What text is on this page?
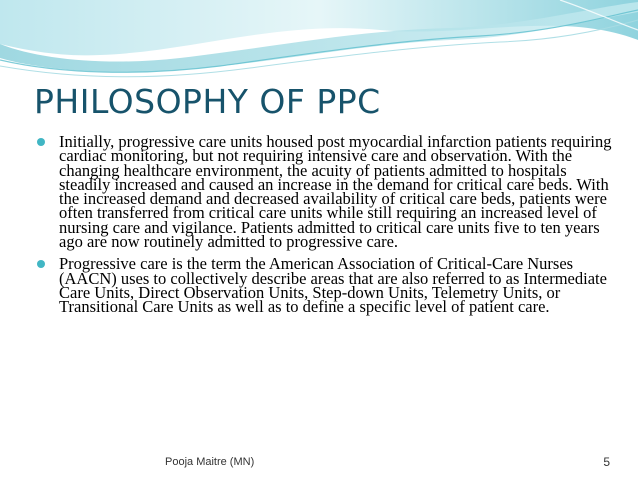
PHILOSOPHY OF PPC
Initially, progressive care units housed post myocardial infarction patients requiring cardiac monitoring, but not requiring intensive care and observation. With the changing healthcare environment, the acuity of patients admitted to hospitals steadily increased and caused an increase in the demand for critical care beds. With the increased demand and decreased availability of critical care beds, patients were often transferred from critical care units while still requiring an increased level of nursing care and vigilance. Patients admitted to critical care units five to ten years ago are now routinely admitted to progressive care.
Progressive care is the term the American Association of Critical-Care Nurses (AACN) uses to collectively describe areas that are also referred to as Intermediate Care Units, Direct Observation Units, Step-down Units, Telemetry Units, or Transitional Care Units as well as to define a specific level of patient care.
Pooja Maitre (MN)	5
